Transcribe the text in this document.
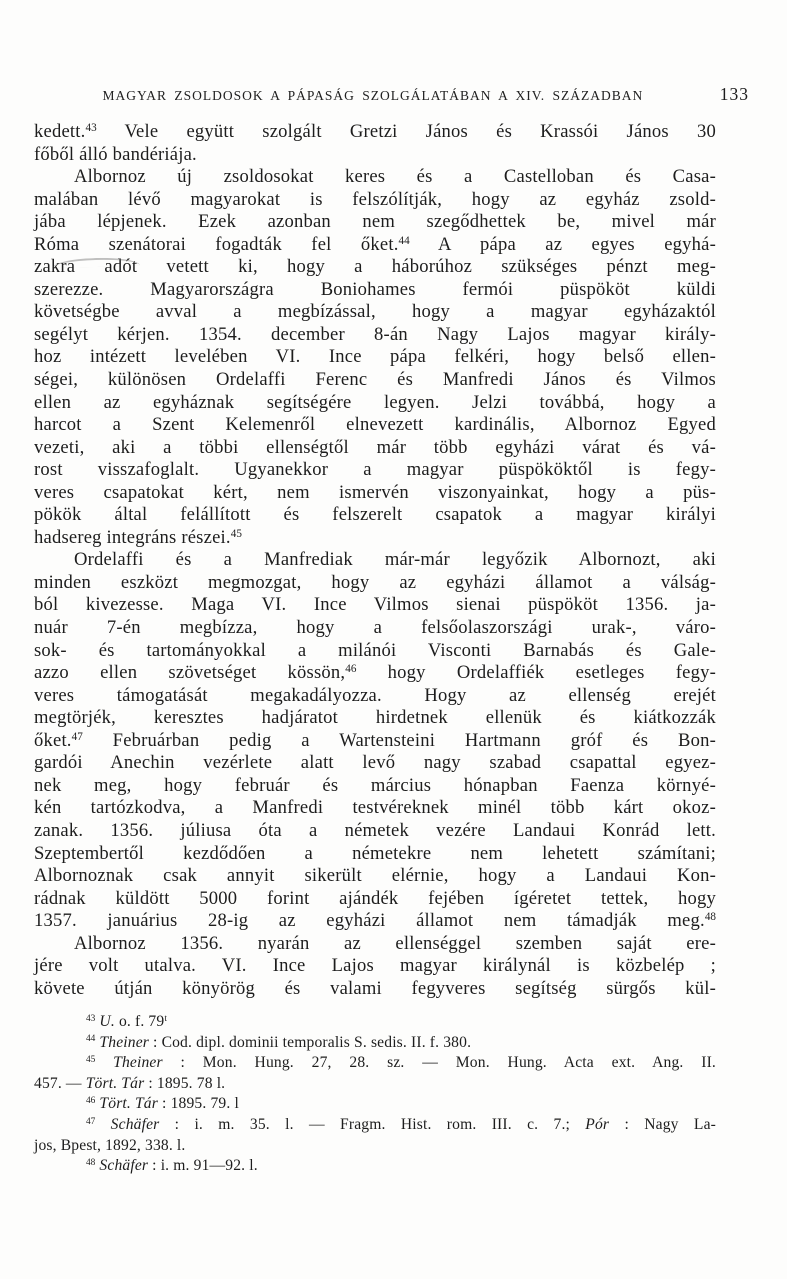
MAGYAR ZSOLDOSOK A PÁPASÁG SZOLGÁLATÁBAN A XIV. SZÁZADBAN	133
kedett.$^{43}$ Vele együtt szolgált Gretzi János és Krassói János 30
főből álló bandériája.
Albornoz új zsoldosokat keres és a Castelloban és Casa-
malában lévő magyarokat is felszólítják, hogy az egyház zsold-
jába lépjenek. Ezek azonban nem szegődhettek be, mivel már
Róma szenátorai fogadták fel őket.$^{44}$ A pápa az egyes egyhá-
zakra adót vetett ki, hogy a háborúhoz szükséges pénzt meg-
szerezze. Magyarországra Boniohames fermói püspököt küldi
követségbe avval a megbízással, hogy a magyar egyházaktól
segélyt kérjen. 1354. december 8-án Nagy Lajos magyar király-
hoz intézett levelében VI. Ince pápa felkéri, hogy belső ellen-
ségei, különösen Ordelaffi Ferenc és Manfredi János és Vilmos
ellen az egyháznak segítségére legyen. Jelzi továbbá, hogy a
harcot a Szent Kelemenről elnevezett kardinális, Albornoz Egyed
vezeti, aki a többi ellenségtől már több egyházi várat és vá-
rost visszafoglalt. Ugyanekkor a magyar püspököktől is fegy-
veres csapatokat kért, nem ismervén viszonyainkat, hogy a püs-
pökök által felállított és felszerelt csapatok a magyar királyi
hadsereg integráns részei.$^{45}$
Ordelaffi és a Manfrediak már-már legyőzik Albornozt, aki
minden eszközt megmozgat, hogy az egyházi államot a válság-
ból kivezesse. Maga VI. Ince Vilmos sienai püspököt 1356. ja-
nuár 7-én megbízza, hogy a felsőolaszországi urak-, váro-
sok- és tartományokkal a milánói Visconti Barnabás és Gale-
azzo ellen szövetséget kössön,$^{46}$ hogy Ordelaffiék esetleges fegy-
veres támogatását megakadályozza. Hogy az ellenség erejét
megtörjék, keresztes hadjáratot hirdetnek ellenük és kiátkozzák
őket.$^{47}$ Februárban pedig a Wartensteini Hartmann gróf és Bon-
gardói Anechin vezérlete alatt levő nagy szabad csapattal egyez-
nek meg, hogy február és március hónapban Faenza környé-
kén tartózkodva, a Manfredi testvéreknek minél több kárt okoz-
zanak. 1356. júliusa óta a németek vezére Landaui Konrád lett.
Szeptembertől kezdődően a németekre nem lehetett számítani;
Albornoznak csak annyit sikerült elérnie, hogy a Landaui Kon-
rádnak küldött 5000 forint ajándék fejében ígéretet tettek, hogy
1357. januárius 28-ig az egyházi államot nem támadják meg.$^{48}$
Albornoz 1356. nyarán az ellenséggel szemben saját ere-
jére volt utalva. VI. Ince Lajos magyar királynál is közbelép ;
követe útján könyörög és valami fegyveres segítség sürgős kül-
$^{43}$ U. o. f. 79$^t$
$^{44}$ Theiner : Cod. dipl. dominii temporalis S. sedis. II. f. 380.
$^{45}$ Theiner : Mon. Hung. 27, 28. sz. — Mon. Hung. Acta ext. Ang. II.
457. — Tört. Tár : 1895. 78 l.
$^{46}$ Tört. Tár : 1895. 79. l
$^{47}$ Schäfer : i. m. 35. l. — Fragm. Hist. rom. III. c. 7.; Pór : Nagy La-
jos, Bpest, 1892, 338. l.
$^{48}$ Schäfer : i. m. 91—92. l.
